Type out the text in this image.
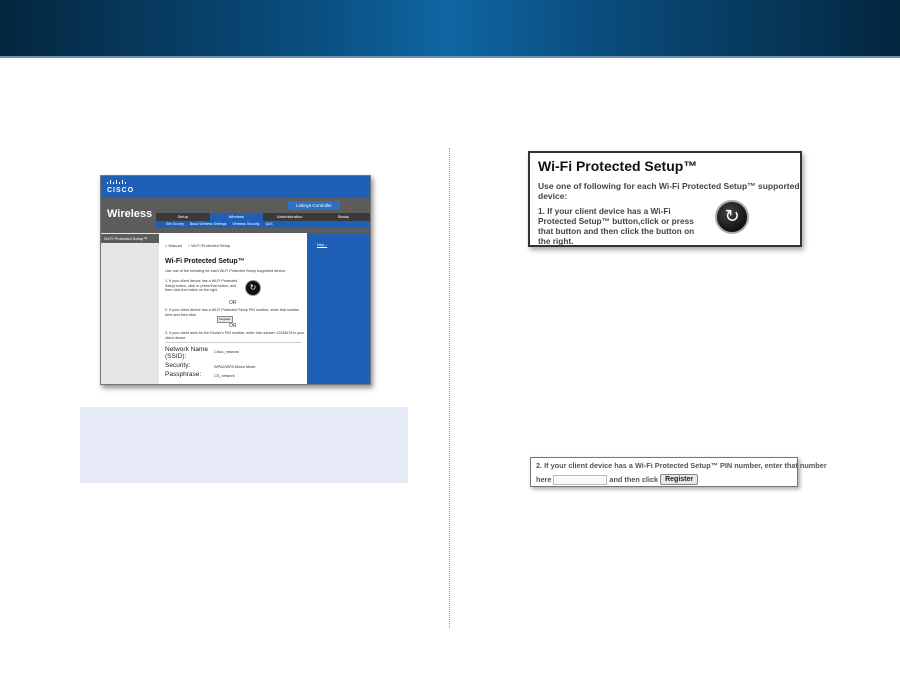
CISCO
Wireless
Linksys Controller
Setup	Wireless	Administration	Status
Site Survey Basic Wireless Settings Wireless Security QoS
Wi-Fi Protected Setup™
Help...
○ Manual
○	Wi-Fi Protected Setup
Wi-Fi Protected Setup™
Use one of the following for each Wi-Fi Protected Setup supported device:
1. If your client device has a Wi-Fi Protected Setup button, click or press that button, and then click the button on the right.	↻
OR
2. If your client device has a Wi-Fi Protected Setup PIN number, enter that number here and then click
Register
OR
3. If your client asks for the Router's PIN number, enter this number 12345678 in your client device.
Network Name (SSID):
Cisco_network
Security:	WPA2/WPA Mixed Mode
Passphrase:	CS_network
Wi-Fi Protected Setup™
Use one of following for each Wi-Fi Protected Setup™ supported device:
1. If your client device has a Wi-Fi Protected Setup™ button,click or press that button and then click the button on the right.
↻
2. If your client device has a Wi-Fi Protected Setup™ PIN number, enter that number
here	and then click	Register
